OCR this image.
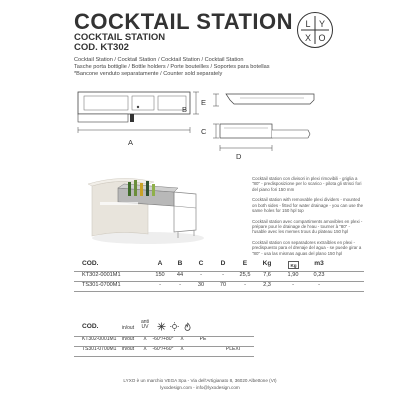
COCKTAIL STATION
COCKTAIL STATION
COD. KT302
L Y
X O
Cocktail Station / Cocktail Station / Cocktail Station / Cocktail Station
Tasche porta bottiglie / Bottle holders / Porte bouteilles / Soportes para botellas
*Bancone venduto separatamente / Counter sold separately
A
B
E
C
D

Cocktail station con divisori in plexi rimovibili - griglia a "80" - predisposizione per lo scarico - pilota gli strisci fori del piano fori 150 mm

Cocktail station with removable plexi dividers - mounted on both sides - fitted for water drainage - you can use the same holes for 150 hpl top

Cocktail station avec compartiments amovibles en plexi - prépare pour le drainage de l'eau - tourner à "80" - l'usable avec les memes trous du plateau 150 hpl

Cocktail station con separadores extraíbles en plexi - predispuesto para el drenaje del agua - se puede girar a "80" - usa las mismas aguas del plano 150 hpl

COD.	A	B	C	D	E	Kg	Kg	m3
KT302-0001M1	150	44	-	-	25,5	7,6	1,90	0,23
TS301-0700M1	-	-	30	70	-	2,3	-	-
COD.	in/out
anti UV
KT302-0001M1	in/out	X	-60°/+80°	X	PE
TS301-0700M1	in/out	X	-60°/+60°	X	PLEXI
LYXO è un marchio VEGA Spa - Via dell'Artigianato 8, 36020 Albettone (VI)
lyxodesign.com - info@lyxodesign.com
